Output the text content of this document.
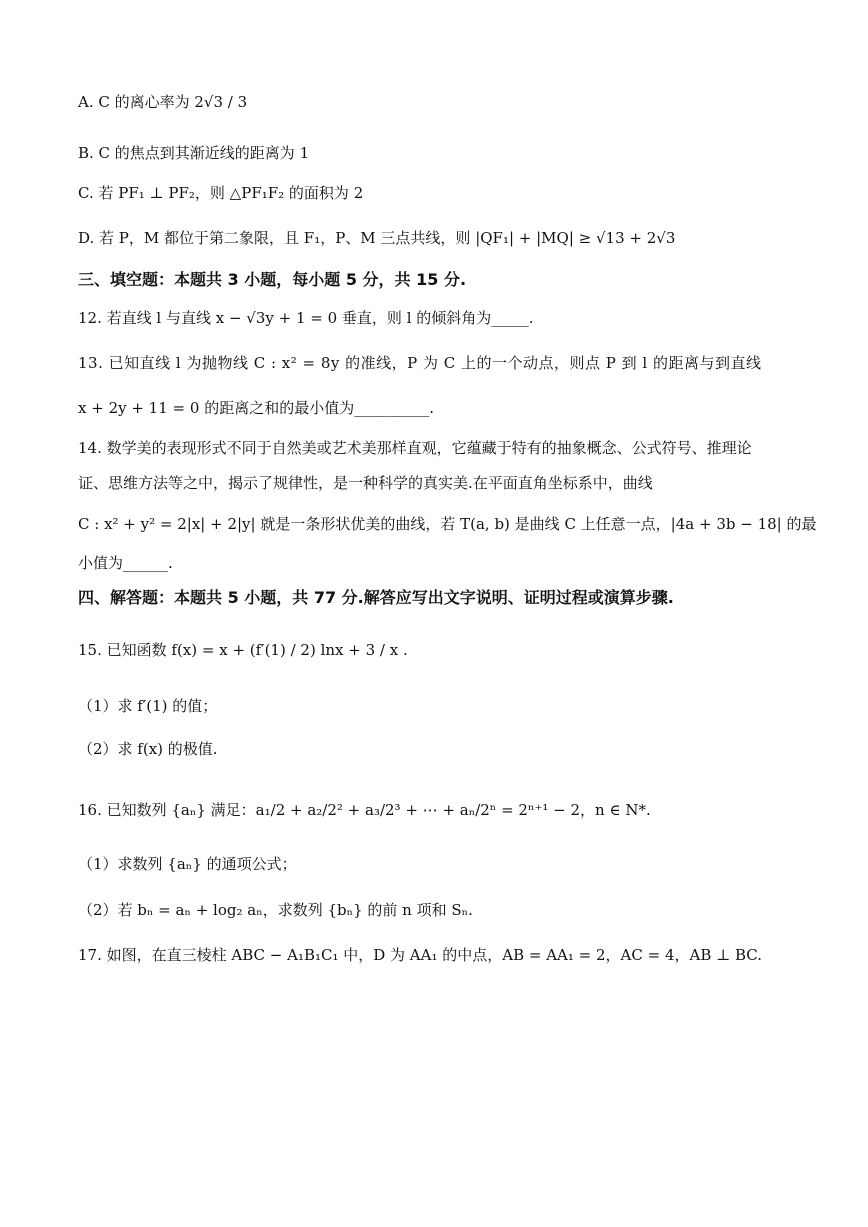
A. C 的离心率为 2√3 / 3
B. C 的焦点到其渐近线的距离为 1
C. 若 PF₁ ⊥ PF₂，则 △PF₁F₂ 的面积为 2
D. 若 P，M 都位于第二象限，且 F₁，P、M 三点共线，则 |QF₁| + |MQ| ≥ √13 + 2√3
三、填空题：本题共 3 小题，每小题 5 分，共 15 分.
12. 若直线 l 与直线 x − √3y + 1 = 0 垂直，则 l 的倾斜角为_____.
13. 已知直线 l 为抛物线 C : x² = 8y 的准线，P 为 C 上的一个动点，则点 P 到 l 的距离与到直线
x + 2y + 11 = 0 的距离之和的最小值为__________.
14. 数学美的表现形式不同于自然美或艺术美那样直观，它蕴藏于特有的抽象概念、公式符号、推理论
证、思维方法等之中，揭示了规律性，是一种科学的真实美.在平面直角坐标系中，曲线
C : x² + y² = 2|x| + 2|y| 就是一条形状优美的曲线，若 T(a, b) 是曲线 C 上任意一点，|4a + 3b − 18| 的最
小值为______.
四、解答题：本题共 5 小题，共 77 分.解答应写出文字说明、证明过程或演算步骤.
15. 已知函数 f(x) = x + (f′(1) / 2) lnx + 3 / x .
（1）求 f′(1) 的值；
（2）求 f(x) 的极值.
16. 已知数列 {aₙ} 满足：a₁/2 + a₂/2² + a₃/2³ + ⋯ + aₙ/2ⁿ = 2ⁿ⁺¹ − 2，n ∈ N*.
（1）求数列 {aₙ} 的通项公式；
（2）若 bₙ = aₙ + log₂ aₙ，求数列 {bₙ} 的前 n 项和 Sₙ.
17. 如图，在直三棱柱 ABC − A₁B₁C₁ 中，D 为 AA₁ 的中点，AB = AA₁ = 2，AC = 4，AB ⊥ BC.
